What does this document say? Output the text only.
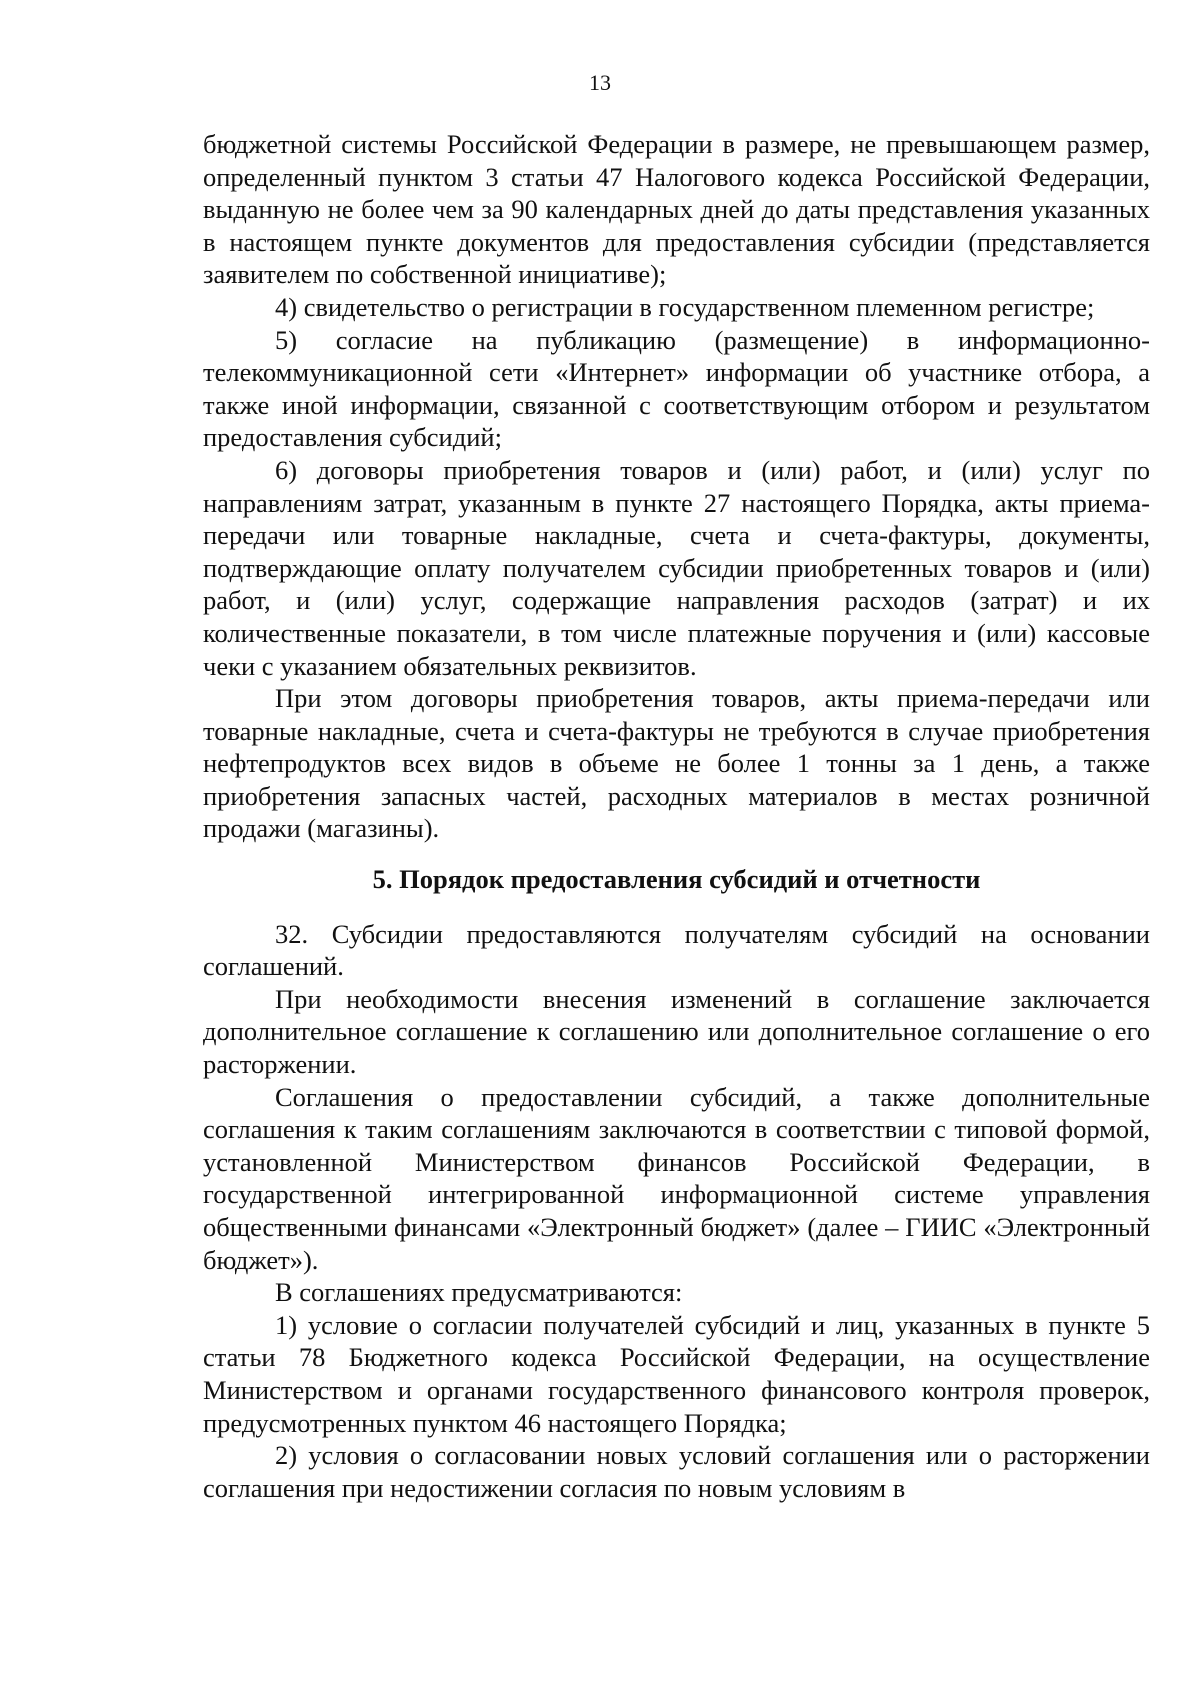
13

бюджетной системы Российской Федерации в размере, не превышающем размер, определенный пунктом 3 статьи 47 Налогового кодекса Российской Федерации, выданную не более чем за 90 календарных дней до даты представления указанных в настоящем пункте документов для предоставления субсидии (представляется заявителем по собственной инициативе);

4) свидетельство о регистрации в государственном племенном регистре;

5) согласие на публикацию (размещение) в информационно-телекоммуникационной сети «Интернет» информации об участнике отбора, а также иной информации, связанной с соответствующим отбором и результатом предоставления субсидий;

6) договоры приобретения товаров и (или) работ, и (или) услуг по направлениям затрат, указанным в пункте 27 настоящего Порядка, акты приема-передачи или товарные накладные, счета и счета-фактуры, документы, подтверждающие оплату получателем субсидии приобретенных товаров и (или) работ, и (или) услуг, содержащие направления расходов (затрат) и их количественные показатели, в том числе платежные поручения и (или) кассовые чеки с указанием обязательных реквизитов.

При этом договоры приобретения товаров, акты приема-передачи или товарные накладные, счета и счета-фактуры не требуются в случае приобретения нефтепродуктов всех видов в объеме не более 1 тонны за 1 день, а также приобретения запасных частей, расходных материалов в местах розничной продажи (магазины).

5. Порядок предоставления субсидий и отчетности

32. Субсидии предоставляются получателям субсидий на основании соглашений.

При необходимости внесения изменений в соглашение заключается дополнительное соглашение к соглашению или дополнительное соглашение о его расторжении.

Соглашения о предоставлении субсидий, а также дополнительные соглашения к таким соглашениям заключаются в соответствии с типовой формой, установленной Министерством финансов Российской Федерации, в государственной интегрированной информационной системе управления общественными финансами «Электронный бюджет» (далее – ГИИС «Электронный бюджет»).

В соглашениях предусматриваются:

1) условие о согласии получателей субсидий и лиц, указанных в пункте 5 статьи 78 Бюджетного кодекса Российской Федерации, на осуществление Министерством и органами государственного финансового контроля проверок, предусмотренных пунктом 46 настоящего Порядка;

2) условия о согласовании новых условий соглашения или о расторжении соглашения при недостижении согласия по новым условиям в
